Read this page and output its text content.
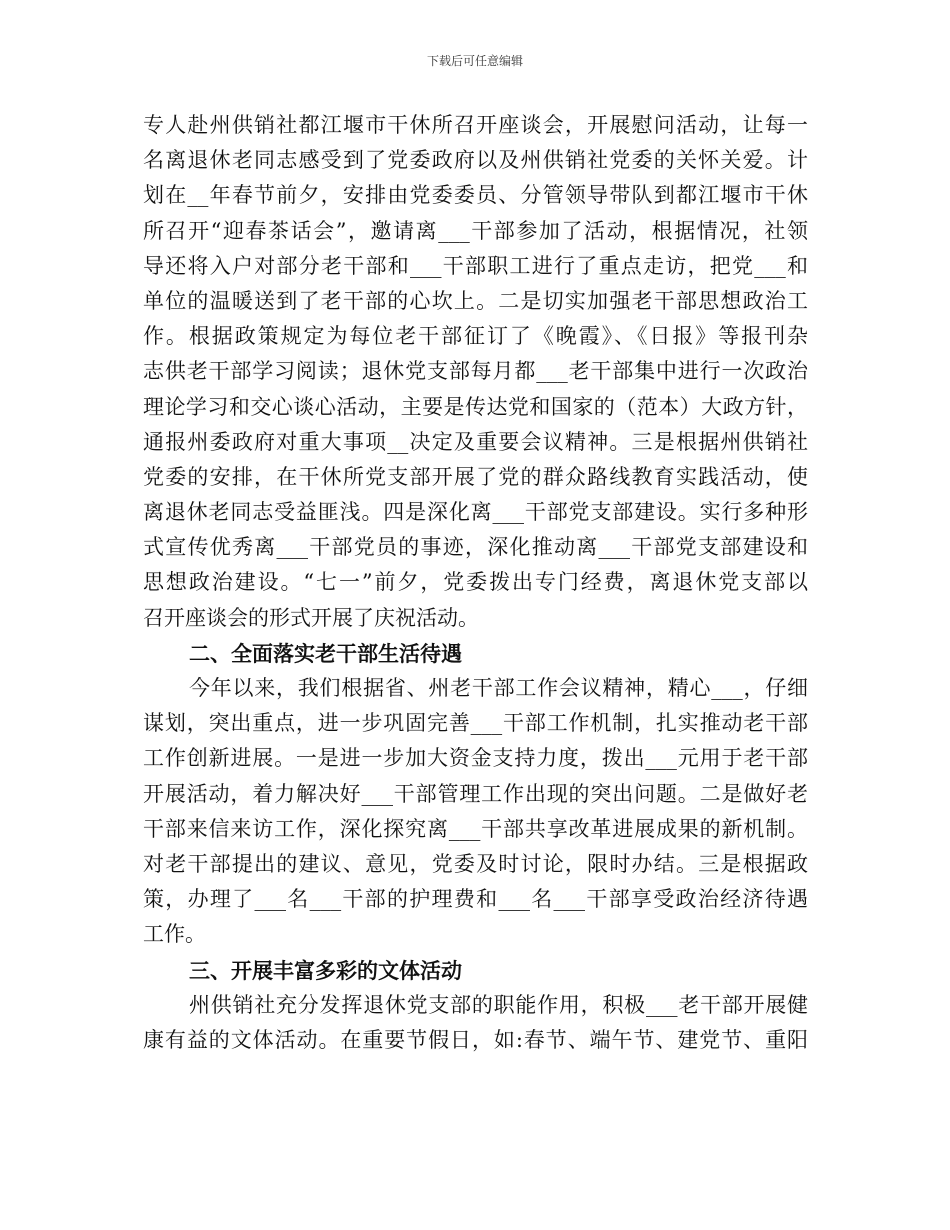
下载后可任意编辑
专人赴州供销社都江堰市干休所召开座谈会，开展慰问活动，让每一
名离退休老同志感受到了党委政府以及州供销社党委的关怀关爱。计
划在__年春节前夕，安排由党委委员、分管领导带队到都江堰市干休
所召开“迎春茶话会”，邀请离___干部参加了活动，根据情况，社领
导还将入户对部分老干部和___干部职工进行了重点走访，把党___和
单位的温暖送到了老干部的心坎上。二是切实加强老干部思想政治工
作。根据政策规定为每位老干部征订了《晚霞》、《日报》等报刊杂
志供老干部学习阅读；退休党支部每月都___老干部集中进行一次政治
理论学习和交心谈心活动，主要是传达党和国家的（范本）大政方针，
通报州委政府对重大事项__决定及重要会议精神。三是根据州供销社
党委的安排，在干休所党支部开展了党的群众路线教育实践活动，使
离退休老同志受益匪浅。四是深化离___干部党支部建设。实行多种形
式宣传优秀离___干部党员的事迹，深化推动离___干部党支部建设和
思想政治建设。“七一”前夕，党委拨出专门经费，离退休党支部以
召开座谈会的形式开展了庆祝活动。
二、全面落实老干部生活待遇
今年以来，我们根据省、州老干部工作会议精神，精心___，仔细
谋划，突出重点，进一步巩固完善___干部工作机制，扎实推动老干部
工作创新进展。一是进一步加大资金支持力度，拨出___元用于老干部
开展活动，着力解决好___干部管理工作出现的突出问题。二是做好老
干部来信来访工作，深化探究离___干部共享改革进展成果的新机制。
对老干部提出的建议、意见，党委及时讨论，限时办结。三是根据政
策，办理了___名___干部的护理费和___名___干部享受政治经济待遇
工作。
三、开展丰富多彩的文体活动
州供销社充分发挥退休党支部的职能作用，积极___老干部开展健
康有益的文体活动。在重要节假日，如:春节、端午节、建党节、重阳
